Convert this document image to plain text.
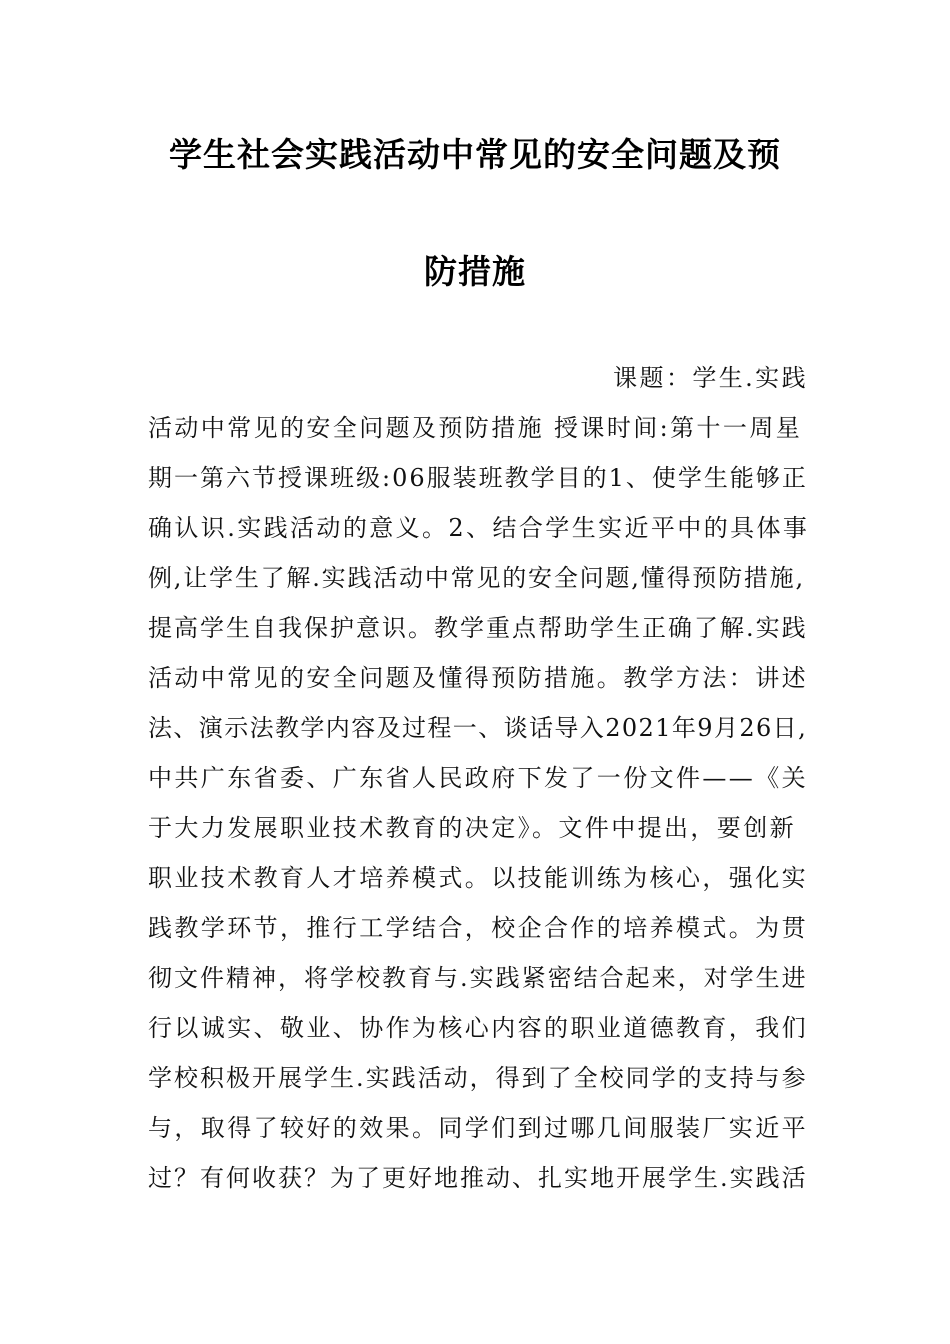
学生社会实践活动中常见的安全问题及预
防措施
课题：学生.实践
活动中常见的安全问题及预防措施 授课时间:第十一周星
期一第六节授课班级:06服装班教学目的1、使学生能够正
确认识.实践活动的意义。2、结合学生实近平中的具体事
例,让学生了解.实践活动中常见的安全问题,懂得预防措施,
提高学生自我保护意识。教学重点帮助学生正确了解.实践
活动中常见的安全问题及懂得预防措施。教学方法：讲述
法、演示法教学内容及过程一、谈话导入2021年9月26日,
中共广东省委、广东省人民政府下发了一份文件——《关
于大力发展职业技术教育的决定》。文件中提出，要创新
职业技术教育人才培养模式。以技能训练为核心，强化实
践教学环节，推行工学结合，校企合作的培养模式。为贯
彻文件精神，将学校教育与.实践紧密结合起来，对学生进
行以诚实、敬业、协作为核心内容的职业道德教育，我们
学校积极开展学生.实践活动，得到了全校同学的支持与参
与，取得了较好的效果。同学们到过哪几间服装厂实近平
过？有何收获？为了更好地推动、扎实地开展学生.实践活
